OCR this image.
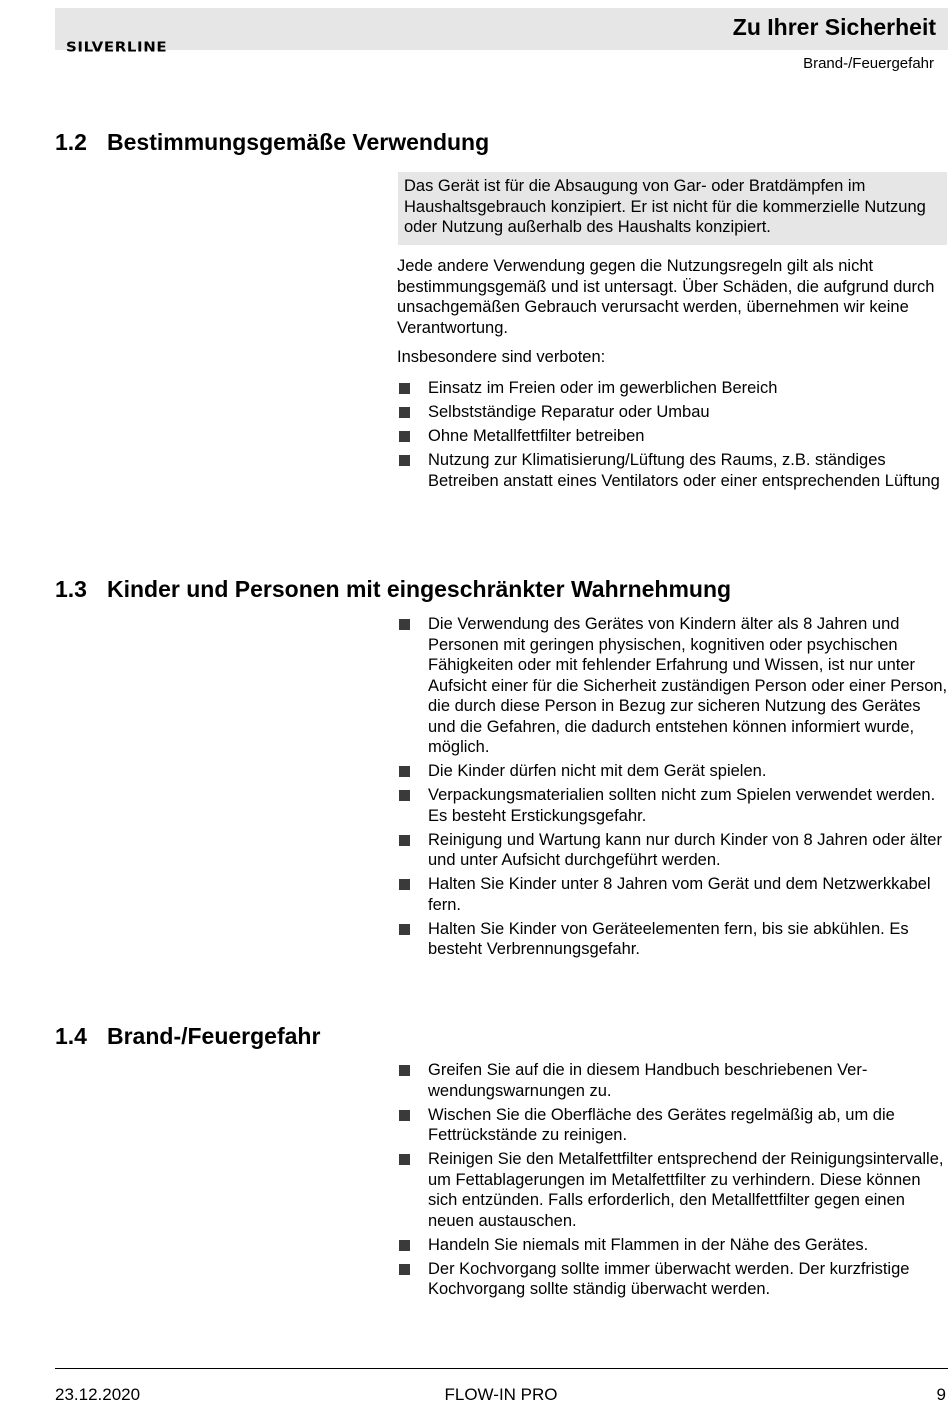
SILVERLINE
Zu Ihrer Sicherheit
Brand-/Feuergefahr
1.2 Bestimmungsgemäße Verwendung
Das Gerät ist für die Absaugung von Gar- oder Bratdämpfen im Haushaltsgebrauch konzipiert. Er ist nicht für die kommerzielle Nutzung oder Nutzung außerhalb des Haushalts konzipiert.
Jede andere Verwendung gegen die Nutzungsregeln gilt als nicht bestimmungsgemäß und ist untersagt. Über Schäden, die aufgrund durch unsachgemäßen Gebrauch verursacht werden, übernehmen wir keine Verantwortung.
Insbesondere sind verboten:
Einsatz im Freien oder im gewerblichen Bereich
Selbstständige Reparatur oder Umbau
Ohne Metallfettfilter betreiben
Nutzung zur Klimatisierung/Lüftung des Raums, z.B. ständiges Betreiben anstatt eines Ventilators oder einer entsprechenden Lüftung
1.3 Kinder und Personen mit eingeschränkter Wahrnehmung
Die Verwendung des Gerätes von Kindern älter als 8 Jahren und Personen mit geringen physischen, kognitiven oder psychischen Fähigkeiten oder mit fehlender Erfahrung und Wissen, ist nur unter Aufsicht einer für die Sicherheit zuständigen Person oder einer Person, die durch diese Person in Bezug zur sicheren Nutzung des Gerätes und die Gefahren, die dadurch entstehen können informiert wurde, möglich.
Die Kinder dürfen nicht mit dem Gerät spielen.
Verpackungsmaterialien sollten nicht zum Spielen verwendet werden. Es besteht Erstickungsgefahr.
Reinigung und Wartung kann nur durch Kinder von 8 Jahren oder älter und unter Aufsicht durchgeführt werden.
Halten Sie Kinder unter 8 Jahren vom Gerät und dem Netzwerkkabel fern.
Halten Sie Kinder von Geräteelementen fern, bis sie abkühlen. Es besteht Verbrennungsgefahr.
1.4 Brand-/Feuergefahr
Greifen Sie auf die in diesem Handbuch beschriebenen Verwendungswarnungen zu.
Wischen Sie die Oberfläche des Gerätes regelmäßig ab, um die Fettrückstände zu reinigen.
Reinigen Sie den Metalfettfilter entsprechend der Reinigungsintervalle, um Fettablagerungen im Metalfettfilter zu verhindern. Diese können sich entzünden. Falls erforderlich, den Metallfettfilter gegen einen neuen austauschen.
Handeln Sie niemals mit Flammen in der Nähe des Gerätes.
Der Kochvorgang sollte immer überwacht werden. Der kurzfristige Kochvorgang sollte ständig überwacht werden.
23.12.2020	FLOW-IN PRO	9
